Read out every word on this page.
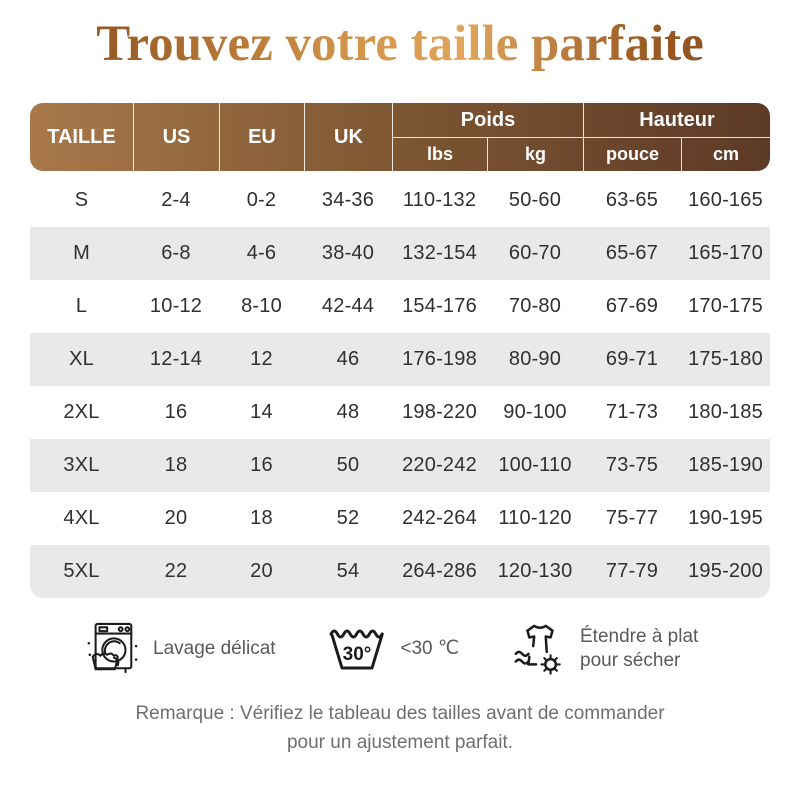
Trouvez votre taille parfaite
TAILLE	US	EU	UK
Poids	Hauteur
lbs	kg	pouce	cm
S	2-4	0-2	34-36	110-132	50-60	63-65	160-165
M	6-8	4-6	38-40	132-154	60-70	65-67	165-170
L	10-12	8-10	42-44	154-176	70-80	67-69	170-175
XL	12-14	12	46	176-198	80-90	69-71	175-180
2XL	16	14	48	198-220	90-100	71-73	180-185
3XL	18	16	50	220-242	100-110	73-75	185-190
4XL	20	18	52	242-264	110-120	75-77	190-195
5XL	22	20	54	264-286	120-130	77-79	195-200
Lavage délicat	30° <30 ℃
Étendre à plat pour sécher
Remarque : Vérifiez le tableau des tailles avant de commander pour un ajustement parfait.
